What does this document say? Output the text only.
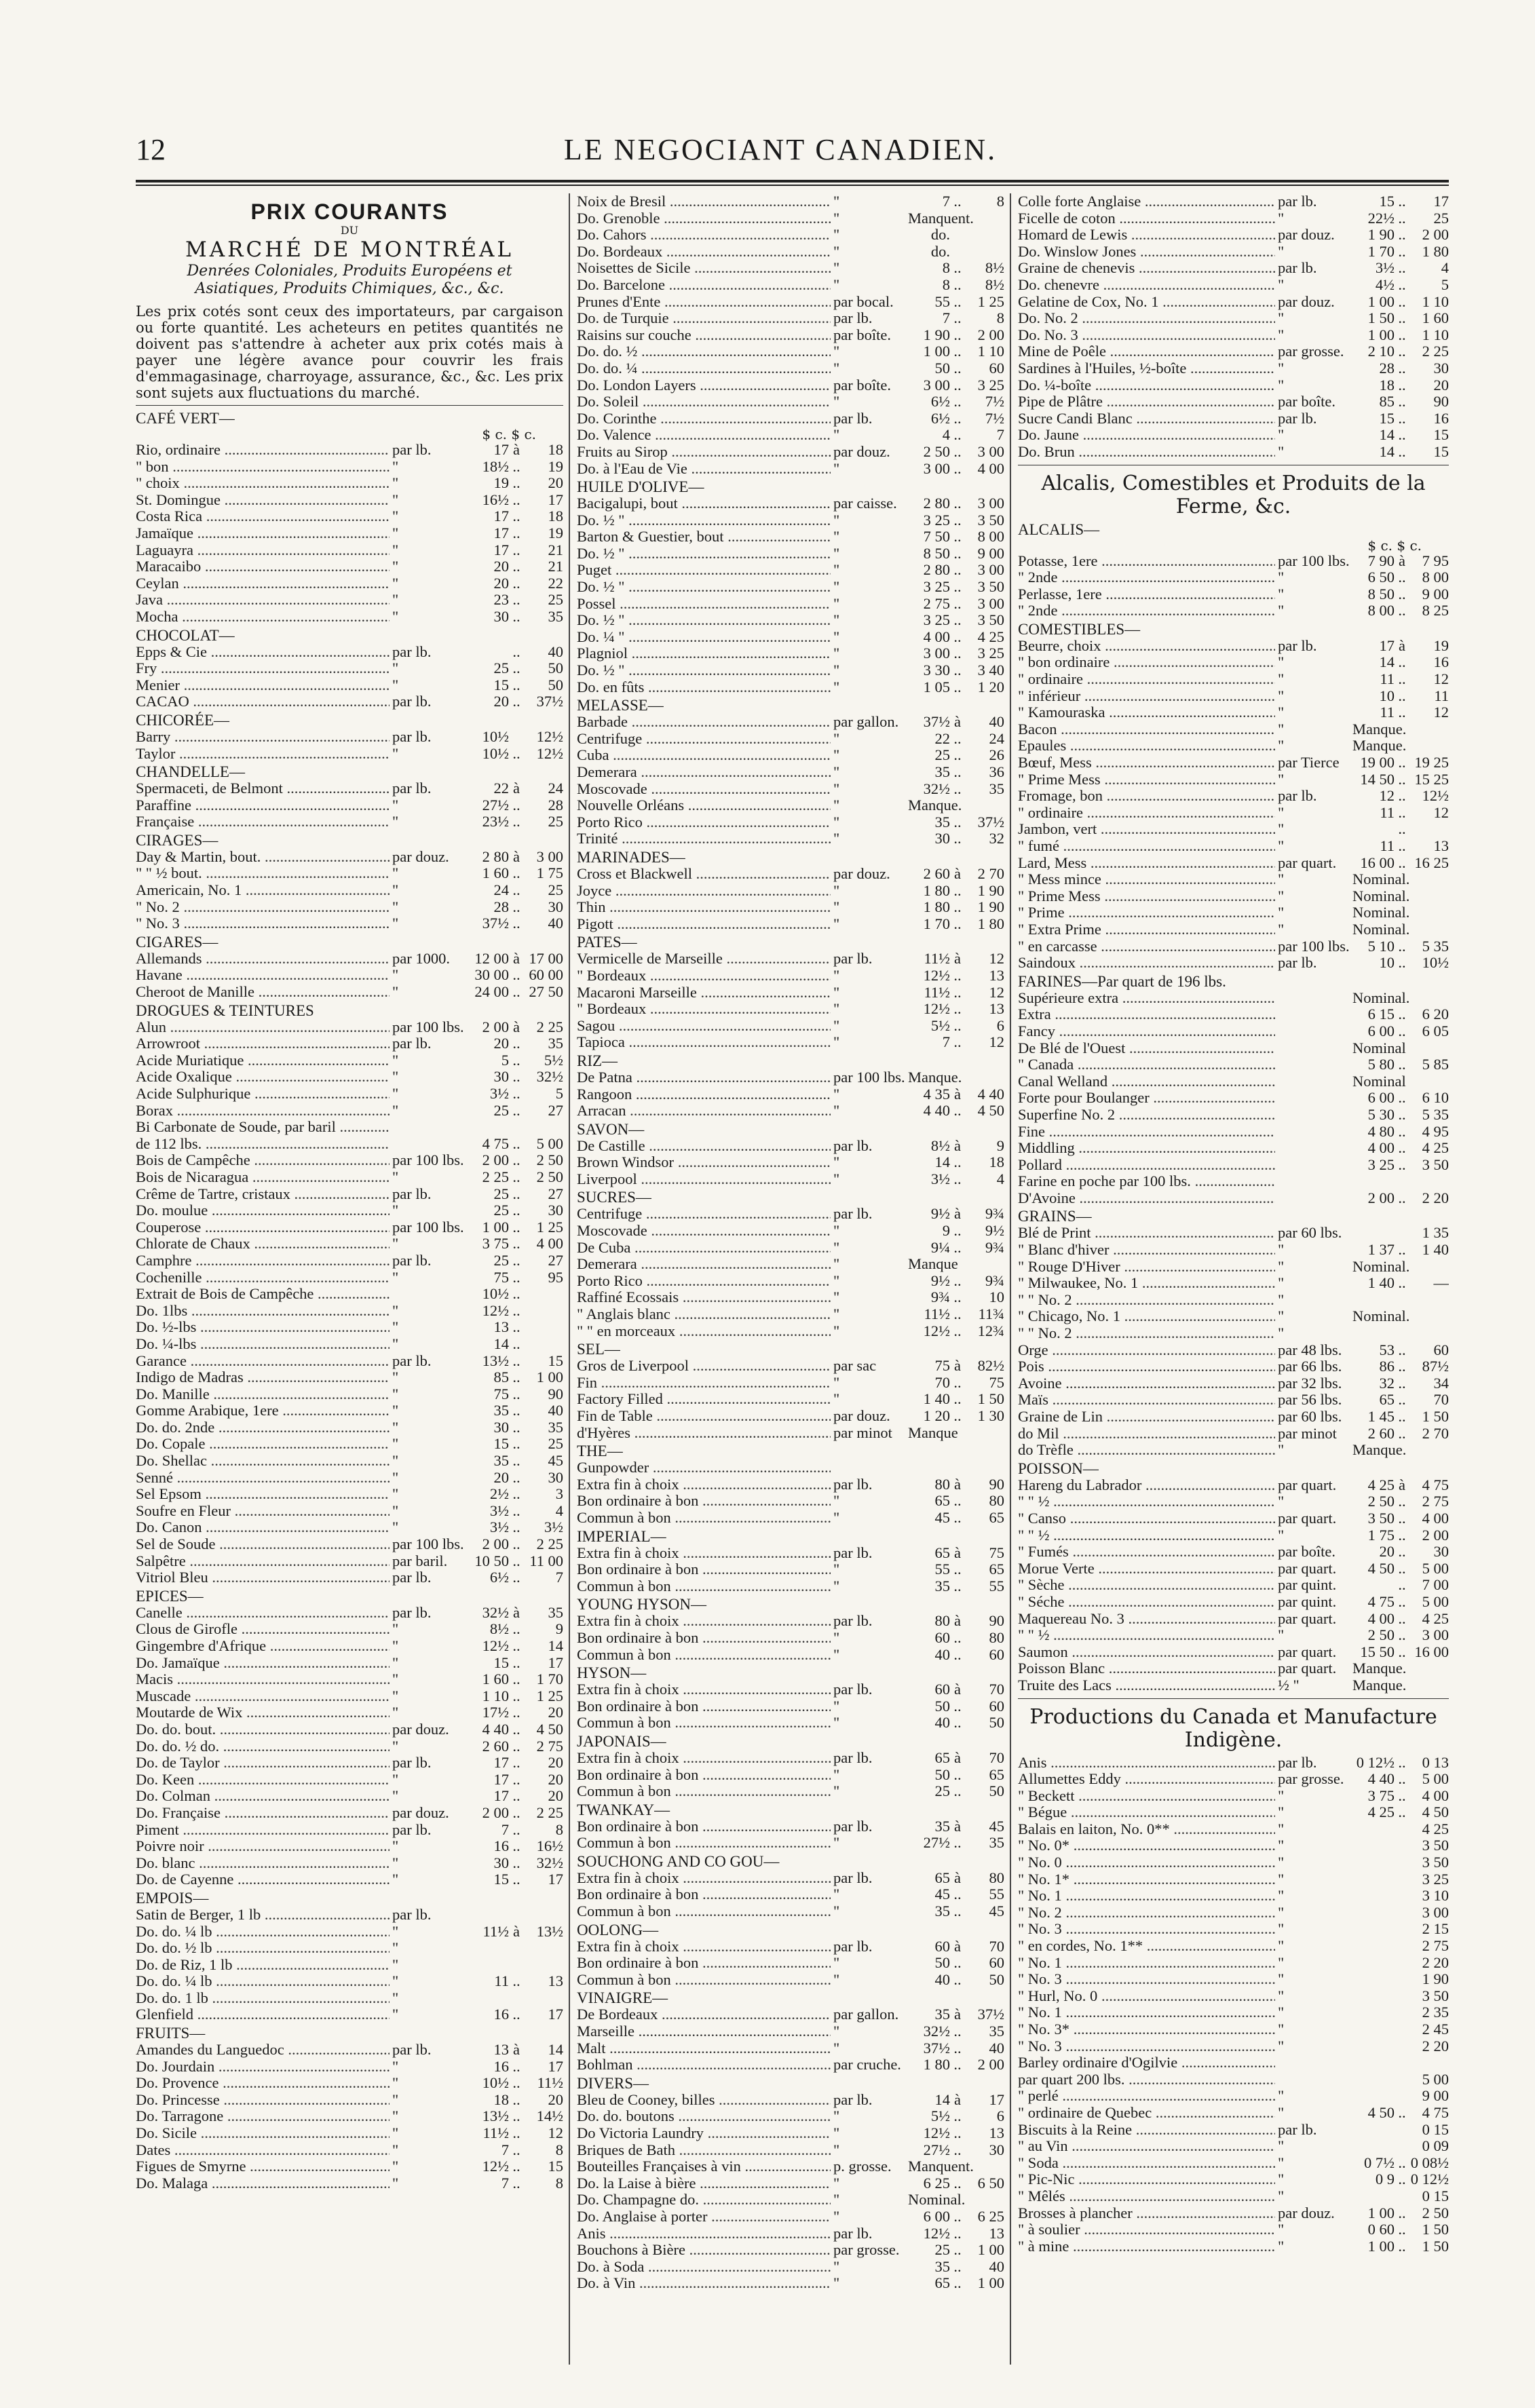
12	LE NEGOCIANT CANADIEN.
PRIX COURANTS
DU
MARCHÉ DE MONTRÉAL
Denrées Coloniales, Produits Européens et
Asiatiques, Produits Chimiques, &c., &c.
Les prix cotés sont ceux des importateurs, par cargaison ou forte quantité. Les acheteurs en petites quantités ne doivent pas s'attendre à acheter aux prix cotés mais à payer une légère avance pour couvrir les frais d'emmagasinage, charroyage, assurance, &c., &c. Les prix sont sujets aux fluctuations du marché.
CAFÉ VERT—
$ c. $ c.
Rio, ordinaire .....	par lb.	17 à	18
" bon .....	"	18½ ..	19
" choix .....	"	19 ..	20
St. Domingue .....	"	16½ ..	17
Costa Rica .....	"	17 ..	18
Jamaïque .....	"	17 ..	19
Laguayra .....	"	17 ..	21
Maracaibo .....	"	20 ..	21
Ceylan .....	"	20 ..	22
Java .....	"	23 ..	25
Mocha .....	"	30 ..	35
CHOCOLAT—
Epps & Cie .....	par lb.	..	40
Fry .....	"	25 ..	50
Menier .....	"	15 ..	50
CACAO .....	par lb.	20 ..	37½
CHICORÉE—
Barry .....	par lb.	10½	12½
Taylor .....	"	10½ ..	12½
CHANDELLE—
Spermaceti, de Belmont .....	par lb.	22 à	24
Paraffine .....	"	27½ ..	28
Française .....	"	23½ ..	25
CIRAGES—
Day & Martin, bout. .....	par douz.	2 80 à	3 00
" " ½ bout. .....	"	1 60 ..	1 75
Americain, No. 1 .....	"	24 ..	25
" No. 2 .....	"	28 ..	30
" No. 3 .....	"	37½ ..	40
CIGARES—
Allemands .....	par 1000.	12 00 à 17 00
Havane .....	"	30 00 .. 60 00
Cheroot de Manille .....	"	24 00 .. 27 50
DROGUES & TEINTURES
Alun .....	par 100 lbs.	2 00 à	2 25
Arrowroot .....	par lb.	20 ..	35
Acide Muriatique .....	"	5 ..	5½
Acide Oxalique .....	"	30 ..	32½
Acide Sulphurique .....	"	3½ ..	5
Borax .....	"	25 ..	27
Bi Carbonate de Soude, par baril .....
de 112 lbs. .....	4 75 ..	5 00
Bois de Campêche .....	par 100 lbs.	2 00 ..	2 50
Bois de Nicaragua .....	"	2 25 ..	2 50
Crême de Tartre, cristaux .....	par lb.	25 ..	27
Do. moulue .....	"	25 ..	30
Couperose .....	par 100 lbs.	1 00 ..	1 25
Chlorate de Chaux .....	"	3 75 ..	4 00
Camphre .....	par lb.	25 ..	27
Cochenille .....	"	75 ..	95
Extrait de Bois de Campêche .....	10½ ..
Do. 1lbs .....	"	12½ ..
Do. ½-lbs .....	"	13 ..
Do. ¼-lbs .....	"	14 ..
Garance .....	par lb.	13½ ..	15
Indigo de Madras .....	"	85 ..	1 00
Do. Manille .....	"	75 ..	90
Gomme Arabique, 1ere .....	"	35 ..	40
Do. do. 2nde .....	"	30 ..	35
Do. Copale .....	"	15 ..	25
Do. Shellac .....	"	35 ..	45
Senné .....	"	20 ..	30
Sel Epsom .....	"	2½ ..	3
Soufre en Fleur .....	"	3½ ..	4
Do. Canon .....	"	3½ ..	3½
Sel de Soude .....	par 100 lbs.	2 00 ..	2 25
Salpêtre .....	par baril.	10 50 .. 11 00
Vitriol Bleu .....	par lb.	6½ ..	7
EPICES—
Canelle .....	par lb.	32½ à	35
Clous de Girofle .....	"	8½ ..	9
Gingembre d'Afrique .....	"	12½ ..	14
Do. Jamaïque .....	"	15 ..	17
Macis .....	"	1 60 ..	1 70
Muscade .....	"	1 10 ..	1 25
Moutarde de Wix .....	"	17½ ..	20
Do. do. bout. .....	par douz.	4 40 ..	4 50
Do. do. ½ do. .....	"	2 60 ..	2 75
Do. de Taylor .....	par lb.	17 ..	20
Do. Keen .....	"	17 ..	20
Do. Colman .....	"	17 ..	20
Do. Française .....	par douz.	2 00 ..	2 25
Piment .....	par lb.	7 ..	8
Poivre noir .....	"	16 ..	16½
Do. blanc .....	"	30 ..	32½
Do. de Cayenne .....	"	15 ..	17
EMPOIS—
Satin de Berger, 1 lb .....	par lb.
Do. do. ¼ lb .....	"	11½ à	13½
Do. do. ½ lb .....	"
Do. de Riz, 1 lb .....	"
Do. do. ¼ lb .....	"	11 ..	13
Do. do. 1 lb .....	"
Glenfield .....	"	16 ..	17
FRUITS—
Amandes du Languedoc .....	par lb.	13 à	14
Do. Jourdain .....	"	16 ..	17
Do. Provence .....	"	10½ ..	11½
Do. Princesse .....	"	18 ..	20
Do. Tarragone .....	"	13½ ..	14½
Do. Sicile .....	"	11½ ..	12
Dates .....	"	7 ..	8
Figues de Smyrne .....	"	12½ ..	15
Do. Malaga .....	"	7 ..	8
Noix de Bresil .....	"	7 ..	8
Do. Grenoble .....	"	Manquent.
Do. Cahors .....	"	do.
Do. Bordeaux .....	"	do.
Noisettes de Sicile .....	"	8 ..	8½
Do. Barcelone .....	"	8 ..	8½
Prunes d'Ente .....	par bocal.	55 ..	1 25
Do. de Turquie .....	par lb.	7 ..	8
Raisins sur couche .....	par boîte.	1 90 ..	2 00
Do. do. ½ .....	"	1 00 ..	1 10
Do. do. ¼ .....	"	50 ..	60
Do. London Layers .....	par boîte.	3 00 ..	3 25
Do. Soleil .....	"	6½ ..	7½
Do. Corinthe .....	par lb.	6½ ..	7½
Do. Valence .....	"	4 ..	7
Fruits au Sirop .....	par douz.	2 50 ..	3 00
Do. à l'Eau de Vie .....	"	3 00 ..	4 00
HUILE D'OLIVE—
Bacigalupi, bout .....	par caisse.	2 80 ..	3 00
Do. ½ " .....	"	3 25 ..	3 50
Barton & Guestier, bout .....	"	7 50 ..	8 00
Do. ½ " .....	"	8 50 ..	9 00
Puget .....	"	2 80 ..	3 00
Do. ½ " .....	"	3 25 ..	3 50
Possel .....	"	2 75 ..	3 00
Do. ½ " .....	"	3 25 ..	3 50
Do. ¼ " .....	"	4 00 ..	4 25
Plagniol .....	"	3 00 ..	3 25
Do. ½ " .....	"	3 30 ..	3 40
Do. en fûts .....	"	1 05 ..	1 20
MELASSE—
Barbade .....	par gallon.	37½ à	40
Centrifuge .....	"	22 ..	24
Cuba .....	"	25 ..	26
Demerara .....	"	35 ..	36
Moscovade .....	"	32½ ..	35
Nouvelle Orléans .....	"	Manque.
Porto Rico .....	"	35 ..	37½
Trinité .....	"	30 ..	32
MARINADES—
Cross et Blackwell .....	par douz.	2 60 à	2 70
Joyce .....	"	1 80 ..	1 90
Thin .....	"	1 80 ..	1 90
Pigott .....	"	1 70 ..	1 80
PATES—
Vermicelle de Marseille .....	par lb.	11½ à	12
" Bordeaux .....	"	12½ ..	13
Macaroni Marseille .....	"	11½ ..	12
" Bordeaux .....	"	12½ ..	13
Sagou .....	"	5½ ..	6
Tapioca .....	"	7 ..	12
RIZ—
De Patna .....	par 100 lbs. Manque.
Rangoon .....	"	4 35 à	4 40
Arracan .....	"	4 40 ..	4 50
SAVON—
De Castille .....	par lb.	8½ à	9
Brown Windsor .....	"	14 ..	18
Liverpool .....	"	3½ ..	4
SUCRES—
Centrifuge .....	par lb.	9½ à	9¾
Moscovade .....	"	9 ..	9½
De Cuba .....	"	9¼ ..	9¾
Demerara .....	"	Manque
Porto Rico .....	"	9½ ..	9¾
Raffiné Ecossais .....	"	9¾ ..	10
" Anglais blanc .....	"	11½ ..	11¾
" " en morceaux .....	"	12½ ..	12¾
SEL—
Gros de Liverpool .....	par sac	75 à	82½
Fin .....	"	70 ..	75
Factory Filled .....	"	1 40 ..	1 50
Fin de Table .....	par douz.	1 20 ..	1 30
d'Hyères .....	par minot	Manque
THE—
Gunpowder .....
Extra fin à choix .....	par lb.	80 à	90
Bon ordinaire à bon .....	"	65 ..	80
Commun à bon .....	"	45 ..	65
IMPERIAL—
Extra fin à choix .....	par lb.	65 à	75
Bon ordinaire à bon .....	"	55 ..	65
Commun à bon .....	"	35 ..	55
YOUNG HYSON—
Extra fin à choix .....	par lb.	80 à	90
Bon ordinaire à bon .....	"	60 ..	80
Commun à bon .....	"	40 ..	60
HYSON—
Extra fin à choix .....	par lb.	60 à	70
Bon ordinaire à bon .....	"	50 ..	60
Commun à bon .....	"	40 ..	50
JAPONAIS—
Extra fin à choix .....	par lb.	65 à	70
Bon ordinaire à bon .....	"	50 ..	65
Commun à bon .....	"	25 ..	50
TWANKAY—
Bon ordinaire à bon .....	par lb.	35 à	45
Commun à bon .....	"	27½ ..	35
SOUCHONG AND CO GOU—
Extra fin à choix .....	par lb.	65 à	80
Bon ordinaire à bon .....	"	45 ..	55
Commun à bon .....	"	35 ..	45
OOLONG—
Extra fin à choix .....	par lb.	60 à	70
Bon ordinaire à bon .....	"	50 ..	60
Commun à bon .....	"	40 ..	50
VINAIGRE—
De Bordeaux .....	par gallon.	35 à	37½
Marseille .....	"	32½ ..	35
Malt .....	"	37½ ..	40
Bohlman .....	par cruche.	1 80 ..	2 00
DIVERS—
Bleu de Cooney, billes .....	par lb.	14 à	17
Do. do. boutons .....	"	5½ ..	6
Do Victoria Laundry .....	"	12½ ..	13
Briques de Bath .....	"	27½ ..	30
Bouteilles Françaises à vin .....	p. grosse.	Manquent.
Do. la Laise à bière .....	"	6 25 ..	6 50
Do. Champagne do. .....	"	Nominal.
Do. Anglaise à porter .....	"	6 00 ..	6 25
Anis .....	par lb.	12½ ..	13
Bouchons à Bière .....	par grosse.	25 ..	1 00
Do. à Soda .....	"	35 ..	40
Do. à Vin .....	"	65 ..	1 00
Colle forte Anglaise .....	par lb.	15 ..	17
Ficelle de coton .....	"	22½ ..	25
Homard de Lewis .....	par douz.	1 90 ..	2 00
Do. Winslow Jones .....	"	1 70 ..	1 80
Graine de chenevis .....	par lb.	3½ ..	4
Do. chenevre .....	"	4½ ..	5
Gelatine de Cox, No. 1 .....	par douz.	1 00 ..	1 10
Do. No. 2 .....	"	1 50 ..	1 60
Do. No. 3 .....	"	1 00 ..	1 10
Mine de Poêle .....	par grosse.	2 10 ..	2 25
Sardines à l'Huiles, ½-boîte .....	"	28 ..	30
Do. ¼-boîte .....	"	18 ..	20
Pipe de Plâtre .....	par boîte.	85 ..	90
Sucre Candi Blanc .....	par lb.	15 ..	16
Do. Jaune .....	"	14 ..	15
Do. Brun .....	"	14 ..	15
Alcalis, Comestibles et Produits de la Ferme, &c.
ALCALIS—
$ c. $ c.
Potasse, 1ere .....	par 100 lbs.	7 90 à	7 95
" 2nde .....	"	6 50 ..	8 00
Perlasse, 1ere .....	"	8 50 ..	9 00
" 2nde .....	"	8 00 ..	8 25
COMESTIBLES—
Beurre, choix .....	par lb.	17 à	19
" bon ordinaire .....	"	14 ..	16
" ordinaire .....	"	11 ..	12
" inférieur .....	"	10 ..	11
" Kamouraska .....	"	11 ..	12
Bacon .....	"	Manque.
Epaules .....	"	Manque.
Bœuf, Mess .....	par Tierce	19 00 .. 19 25
" Prime Mess .....	"	14 50 .. 15 25
Fromage, bon .....	par lb.	12 ..	12½
" ordinaire .....	"	11 ..	12
Jambon, vert .....	"	..
" fumé .....	"	11 ..	13
Lard, Mess .....	par quart.	16 00 .. 16 25
" Mess mince .....	"	Nominal.
" Prime Mess .....	"	Nominal.
" Prime .....	"	Nominal.
" Extra Prime .....	"	Nominal.
" en carcasse .....	par 100 lbs.	5 10 ..	5 35
Saindoux .....	par lb.	10 ..	10½
FARINES—Par quart de 196 lbs.
Supérieure extra .....	Nominal.
Extra .....	6 15 ..	6 20
Fancy .....	6 00 ..	6 05
De Blé de l'Ouest .....	Nominal
" Canada .....	5 80 ..	5 85
Canal Welland .....	Nominal
Forte pour Boulanger .....	6 00 ..	6 10
Superfine No. 2 .....	5 30 ..	5 35
Fine .....	4 80 ..	4 95
Middling .....	4 00 ..	4 25
Pollard .....	3 25 ..	3 50
Farine en poche par 100 lbs. .....
D'Avoine .....	2 00 ..	2 20
GRAINS—
Blé de Print .....	par 60 lbs.	1 35
" Blanc d'hiver .....	"	1 37 ..	1 40
" Rouge D'Hiver .....	"	Nominal.
" Milwaukee, No. 1 .....	"	1 40 ..	—
" " No. 2 .....	"
" Chicago, No. 1 .....	"	Nominal.
" " No. 2 .....	"
Orge .....	par 48 lbs.	53 ..	60
Pois .....	par 66 lbs.	86 ..	87½
Avoine .....	par 32 lbs.	32 ..	34
Maïs .....	par 56 lbs.	65 ..	70
Graine de Lin .....	par 60 lbs.	1 45 ..	1 50
do Mil .....	par minot	2 60 ..	2 70
do Trèfle .....	"	Manque.
POISSON—
Hareng du Labrador .....	par quart.	4 25 à	4 75
" " ½ .....	"	2 50 ..	2 75
" Canso .....	par quart.	3 50 ..	4 00
" " ½ .....	"	1 75 ..	2 00
" Fumés .....	par boîte.	20 ..	30
Morue Verte .....	par quart.	4 50 ..	5 00
" Sèche .....	par quint.	..	7 00
" Séche .....	par quint.	4 75 ..	5 00
Maquereau No. 3 .....	par quart.	4 00 ..	4 25
" " ½ .....	"	2 50 ..	3 00
Saumon .....	par quart.	15 50 .. 16 00
Poisson Blanc .....	par quart.	Manque.
Truite des Lacs .....	½ "	Manque.
Productions du Canada et Manufacture Indigène.
Anis .....	par lb.	0 12½ ..	0 13
Allumettes Eddy .....	par grosse.	4 40 ..	5 00
" Beckett .....	"	3 75 ..	4 00
" Bégue .....	"	4 25 ..	4 50
Balais en laiton, No. 0** .....	"	4 25
" No. 0* .....	"	3 50
" No. 0 .....	"	3 50
" No. 1* .....	"	3 25
" No. 1 .....	"	3 10
" No. 2 .....	"	3 00
" No. 3 .....	"	2 15
" en cordes, No. 1** .....	"	2 75
" No. 1 .....	"	2 20
" No. 3 .....	"	1 90
" Hurl, No. 0 .....	"	3 50
" No. 1 .....	"	2 35
" No. 3* .....	"	2 45
" No. 3 .....	"	2 20
Barley ordinaire d'Ogilvie .....
par quart 200 lbs. .....	5 00
" perlé .....	"	9 00
" ordinaire de Quebec .....	"	4 50 ..	4 75
Biscuits à la Reine .....	par lb.	0 15
" au Vin .....	"	0 09
" Soda .....	"	0 7½ .. 0 08½
" Pic-Nic .....	"	0 9 .. 0 12½
" Mêlés .....	"	0 15
Brosses à plancher .....	par douz.	1 00 ..	2 50
" à soulier .....	"	0 60 ..	1 50
" à mine .....	"	1 00 ..	1 50
